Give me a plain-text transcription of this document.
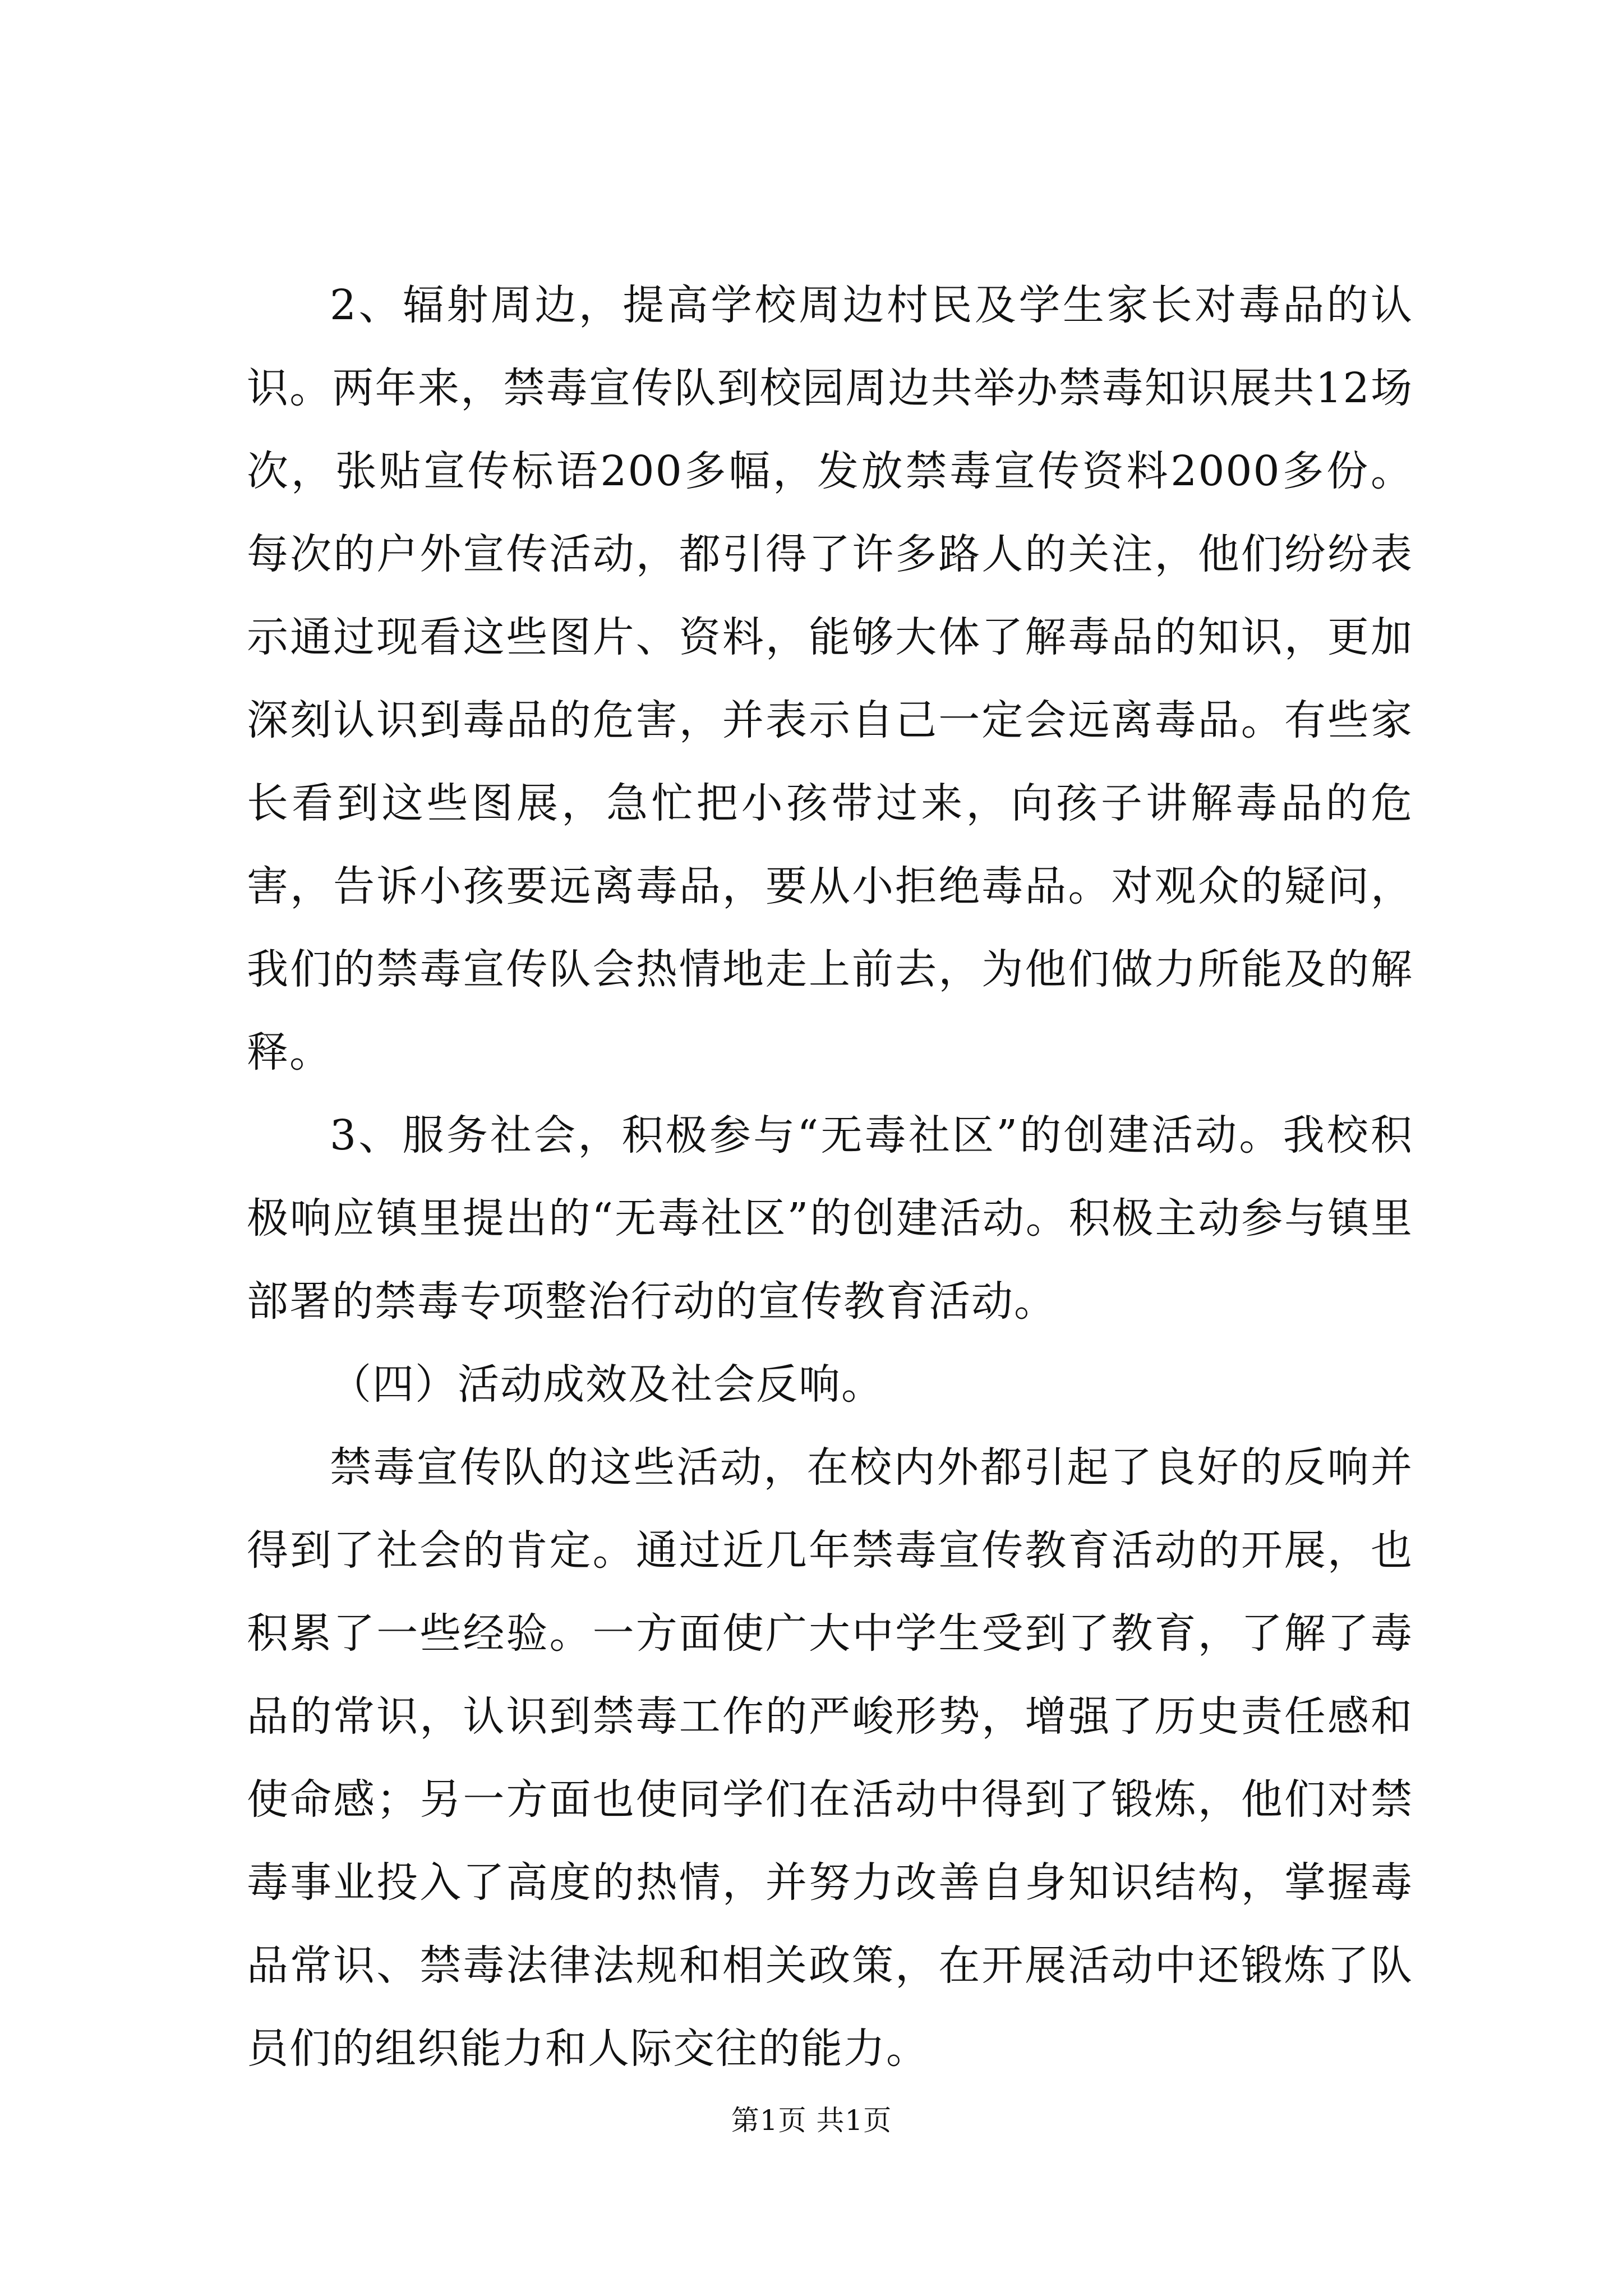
2、辐射周边，提高学校周边村民及学生家长对毒品的认识。两年来，禁毒宣传队到校园周边共举办禁毒知识展共12场次，张贴宣传标语200多幅，发放禁毒宣传资料2000多份。每次的户外宣传活动，都引得了许多路人的关注，他们纷纷表示通过现看这些图片、资料，能够大体了解毒品的知识，更加深刻认识到毒品的危害，并表示自己一定会远离毒品。有些家长看到这些图展，急忙把小孩带过来，向孩子讲解毒品的危害，告诉小孩要远离毒品，要从小拒绝毒品。对观众的疑问，我们的禁毒宣传队会热情地走上前去，为他们做力所能及的解释。

3、服务社会，积极参与“无毒社区”的创建活动。我校积极响应镇里提出的“无毒社区”的创建活动。积极主动参与镇里部署的禁毒专项整治行动的宣传教育活动。

（四）活动成效及社会反响。

禁毒宣传队的这些活动，在校内外都引起了良好的反响并得到了社会的肯定。通过近几年禁毒宣传教育活动的开展，也积累了一些经验。一方面使广大中学生受到了教育，了解了毒品的常识，认识到禁毒工作的严峻形势，增强了历史责任感和使命感；另一方面也使同学们在活动中得到了锻炼，他们对禁毒事业投入了高度的热情，并努力改善自身知识结构，掌握毒品常识、禁毒法律法规和相关政策，在开展活动中还锻炼了队员们的组织能力和人际交往的能力。

第1页 共1页
